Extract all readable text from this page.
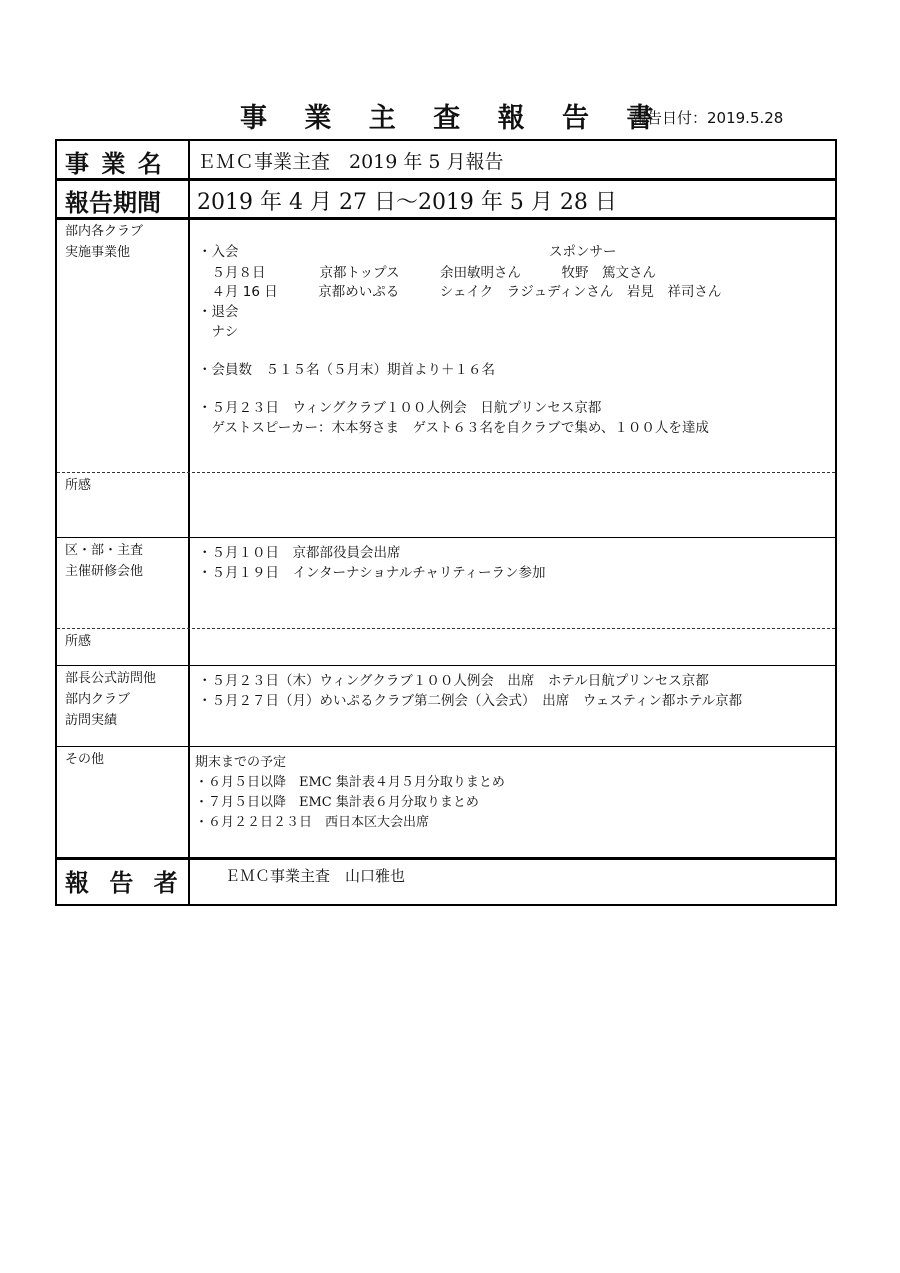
事 業 主 査 報 告 書
報告日付：2019.5.28
事 業 名 ＥＭＣ事業主査　2019 年 5 月報告
報告期間 2019 年 4 月 27 日〜2019 年 5 月 28 日
部内各クラブ
実施事業他	・入会　　　　　　　　　　　　　　　　　　　　　　　スポンサー
　５月８日　　　　京都トップス　　　余田敏明さん　　　牧野　篤文さん
　４月 16 日　　　京都めいぷる　　　シェイク　ラジュディンさん　岩見　祥司さん
・退会
　ナシ
・会員数　５１５名（５月末）期首より＋１６名
・５月２３日　ウィングクラブ１００人例会　日航プリンセス京都
　ゲストスピーカー：木本努さま　ゲスト６３名を自クラブで集め、１００人を達成
所感
区・部・主査
主催研修会他
・５月１０日　京都部役員会出席
・５月１９日　インターナショナルチャリティーラン参加
所感
部長公式訪問他
部内クラブ
訪問実績
・５月２３日（木）ウィングクラブ１００人例会　出席　ホテル日航プリンセス京都
・５月２７日（月）めいぷるクラブ第二例会（入会式）　出席　ウェスティン都ホテル京都
その他	期末までの予定
・６月５日以降　EMC 集計表４月５月分取りまとめ
・７月５日以降　EMC 集計表６月分取りまとめ
・６月２２日２３日　西日本区大会出席
報 告 者	ＥＭＣ事業主査　山口雅也
